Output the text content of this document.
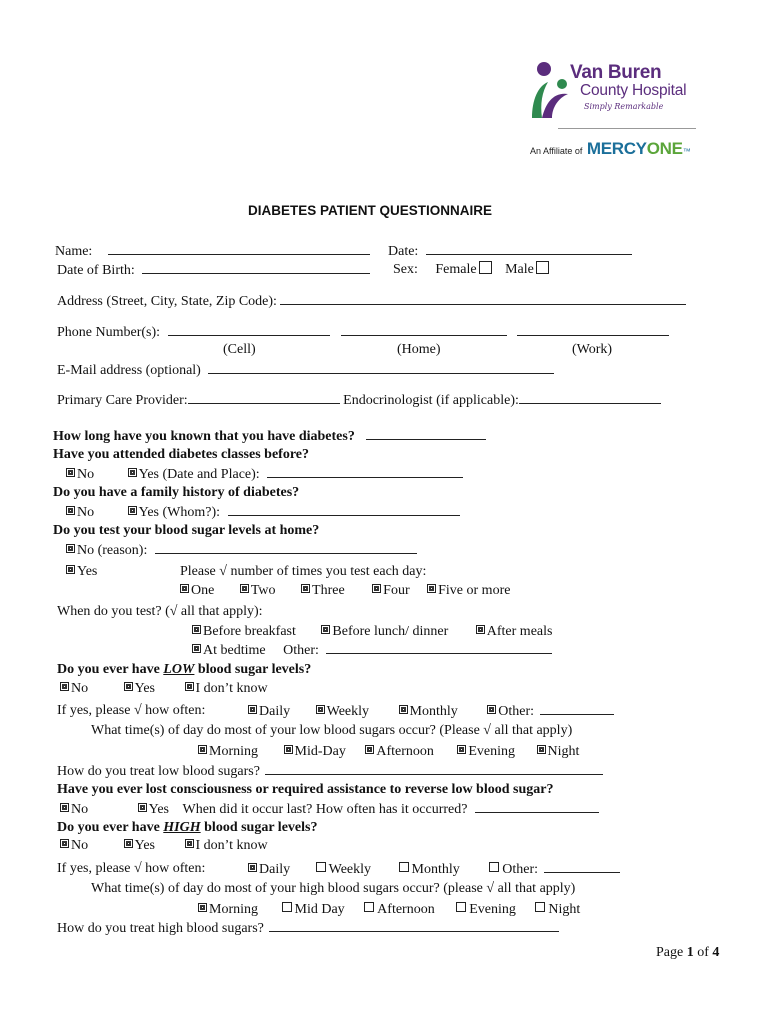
Van Buren
County Hospital
Simply Remarkable
An Affiliate of MERCYONE™
DIABETES PATIENT QUESTIONNAIRE
Name:	Date:
Date of Birth:	Sex: Female Male
Address (Street, City, State, Zip Code):
Phone Number(s):
(Cell)	(Home)	(Work)
E-Mail address (optional)
Primary Care Provider:	Endocrinologist (if applicable):
How long have you known that you have diabetes?
Have you attended diabetes classes before?
No	Yes (Date and Place):
Do you have a family history of diabetes?
No	Yes (Whom?):
Do you test your blood sugar levels at home?
No (reason):
Yes	Please √ number of times you test each day:
One	Two	Three	Four Five or more
When do you test? (√ all that apply):
Before breakfast	Before lunch/ dinner	After meals
At bedtime Other:
Do you ever have LOW blood sugar levels?
No	Yes	I don’t know
If yes, please √ how often:	Daily	Weekly	Monthly	Other:
What time(s) of day do most of your low blood sugars occur? (Please √ all that apply)
Morning	Mid-Day Afternoon Evening Night
How do you treat low blood sugars?
Have you ever lost consciousness or required assistance to reverse low blood sugar?
No	Yes When did it occur last? How often has it occurred?
Do you ever have HIGH blood sugar levels?
No	Yes	I don’t know
If yes, please √ how often:	Daily	Weekly	Monthly	Other:
What time(s) of day do most of your high blood sugars occur? (please √ all that apply)
Morning	Mid Day Afternoon Evening Night
How do you treat high blood sugars?
Page 1 of 4
